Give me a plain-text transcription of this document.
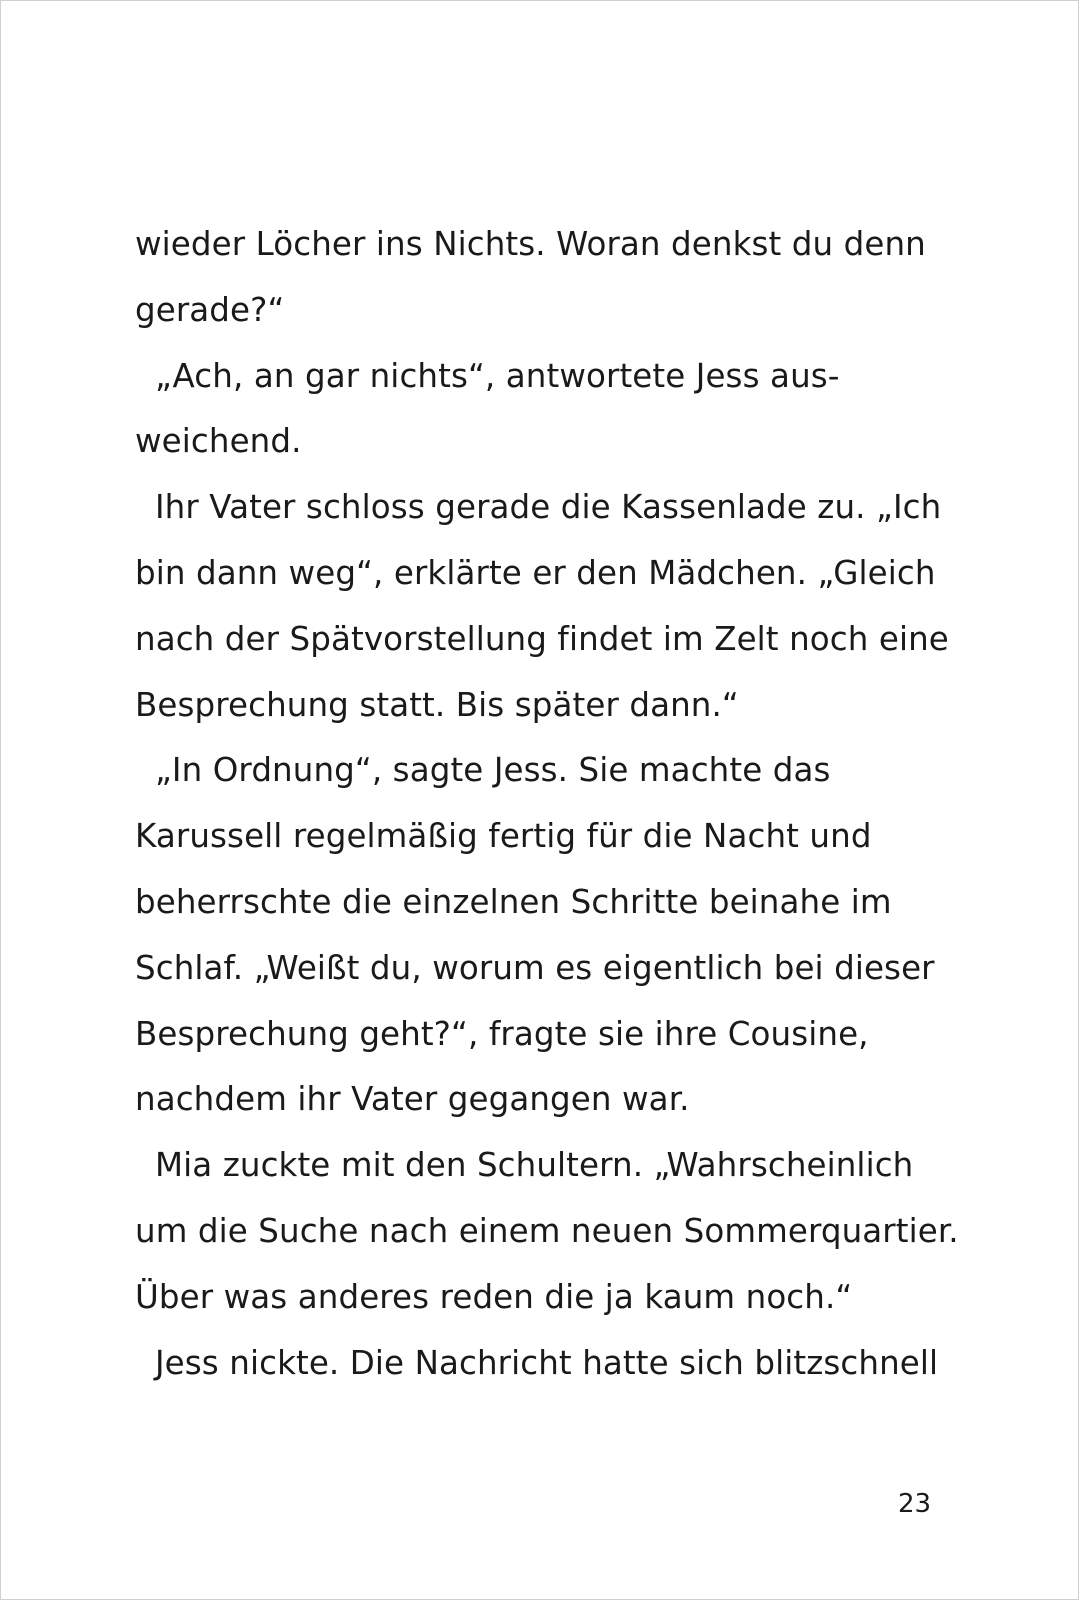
wieder Löcher ins Nichts. Woran denkst du denn
gerade?“
„Ach, an gar nichts“, antwortete Jess aus-
weichend.
Ihr Vater schloss gerade die Kassenlade zu. „Ich
bin dann weg“, erklärte er den Mädchen. „Gleich
nach der Spätvorstellung findet im Zelt noch eine
Besprechung statt. Bis später dann.“
„In Ordnung“, sagte Jess. Sie machte das
Karussell regelmäßig fertig für die Nacht und
beherrschte die einzelnen Schritte beinahe im
Schlaf. „Weißt du, worum es eigentlich bei dieser
Besprechung geht?“, fragte sie ihre Cousine,
nachdem ihr Vater gegangen war.
Mia zuckte mit den Schultern. „Wahrscheinlich
um die Suche nach einem neuen Sommerquartier.
Über was anderes reden die ja kaum noch.“
Jess nickte. Die Nachricht hatte sich blitzschnell
23
